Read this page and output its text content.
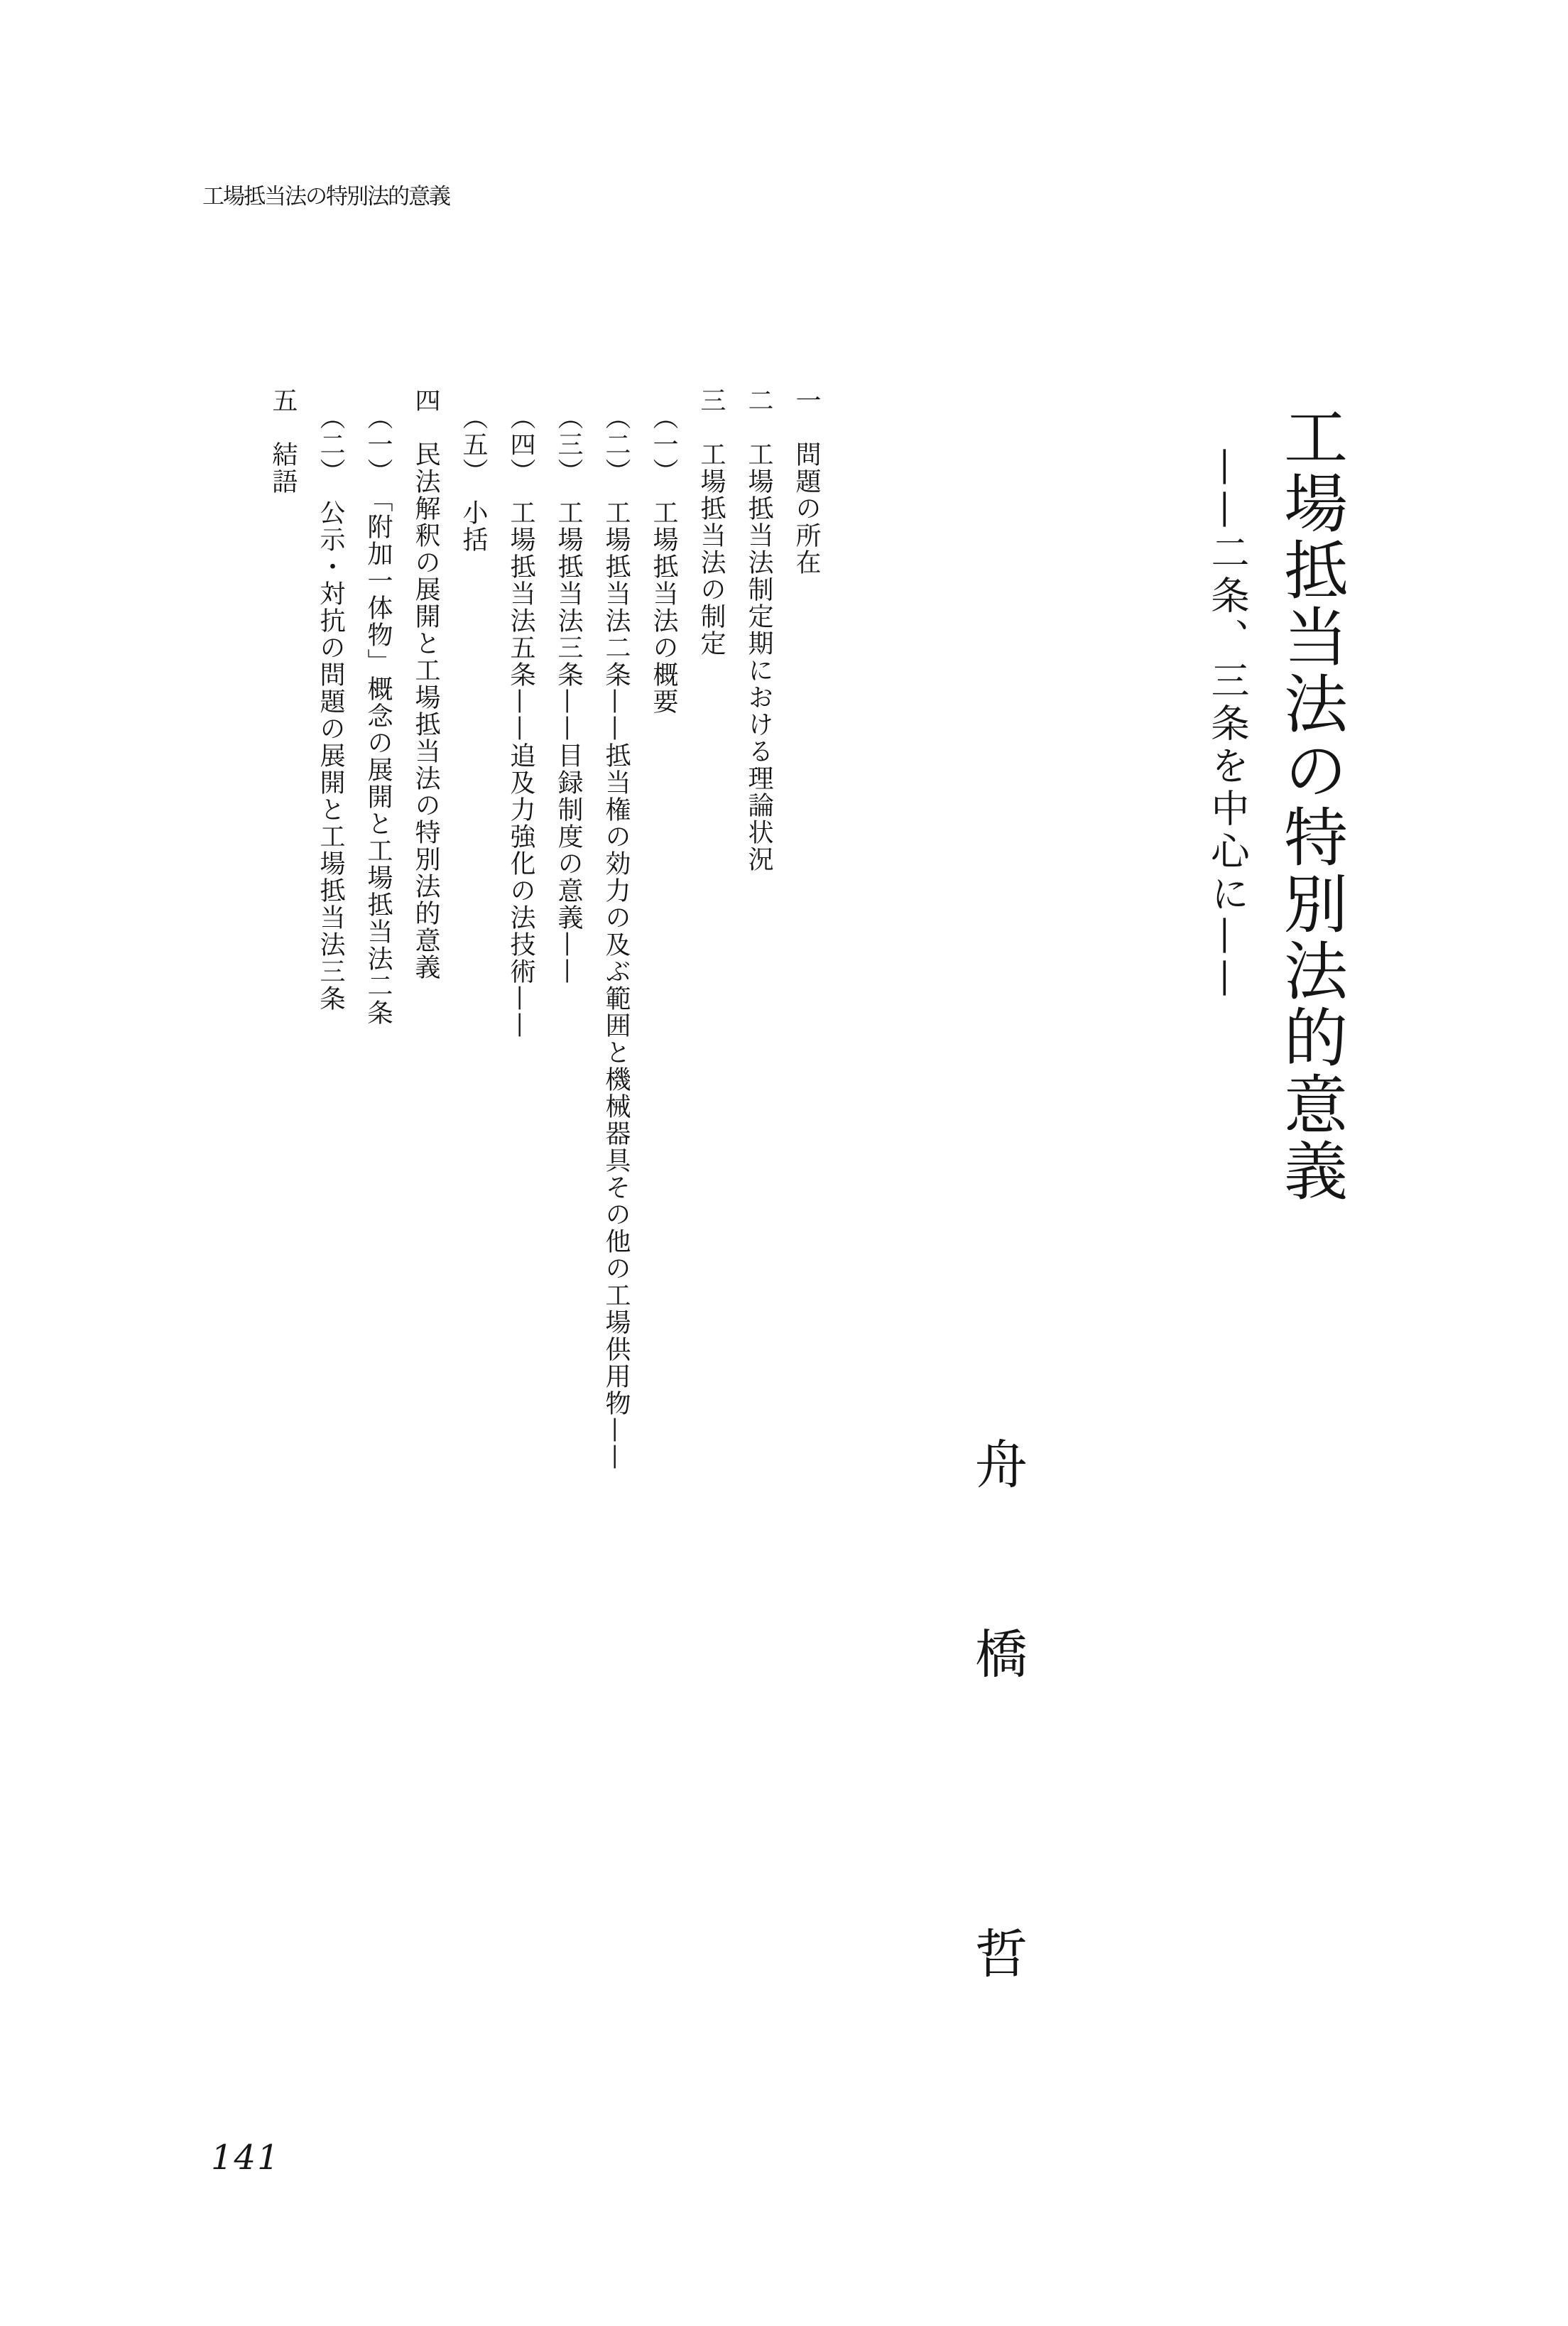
工場抵当法の特別法的意義
工場抵当法の特別法的意義
——二条、三条を中心に——
舟
橋
哲
一　問題の所在
二　工場抵当法制定期における理論状況
三　工場抵当法の制定
（一）　工場抵当法の概要
（二）　工場抵当法二条——抵当権の効力の及ぶ範囲と機械器具その他の工場供用物——
（三）　工場抵当法三条——目録制度の意義——
（四）　工場抵当法五条——追及力強化の法技術——
（五）　小括
四　民法解釈の展開と工場抵当法の特別法的意義
（一）　「附加一体物」概念の展開と工場抵当法二条
（二）　公示・対抗の問題の展開と工場抵当法三条
五　結語
141
